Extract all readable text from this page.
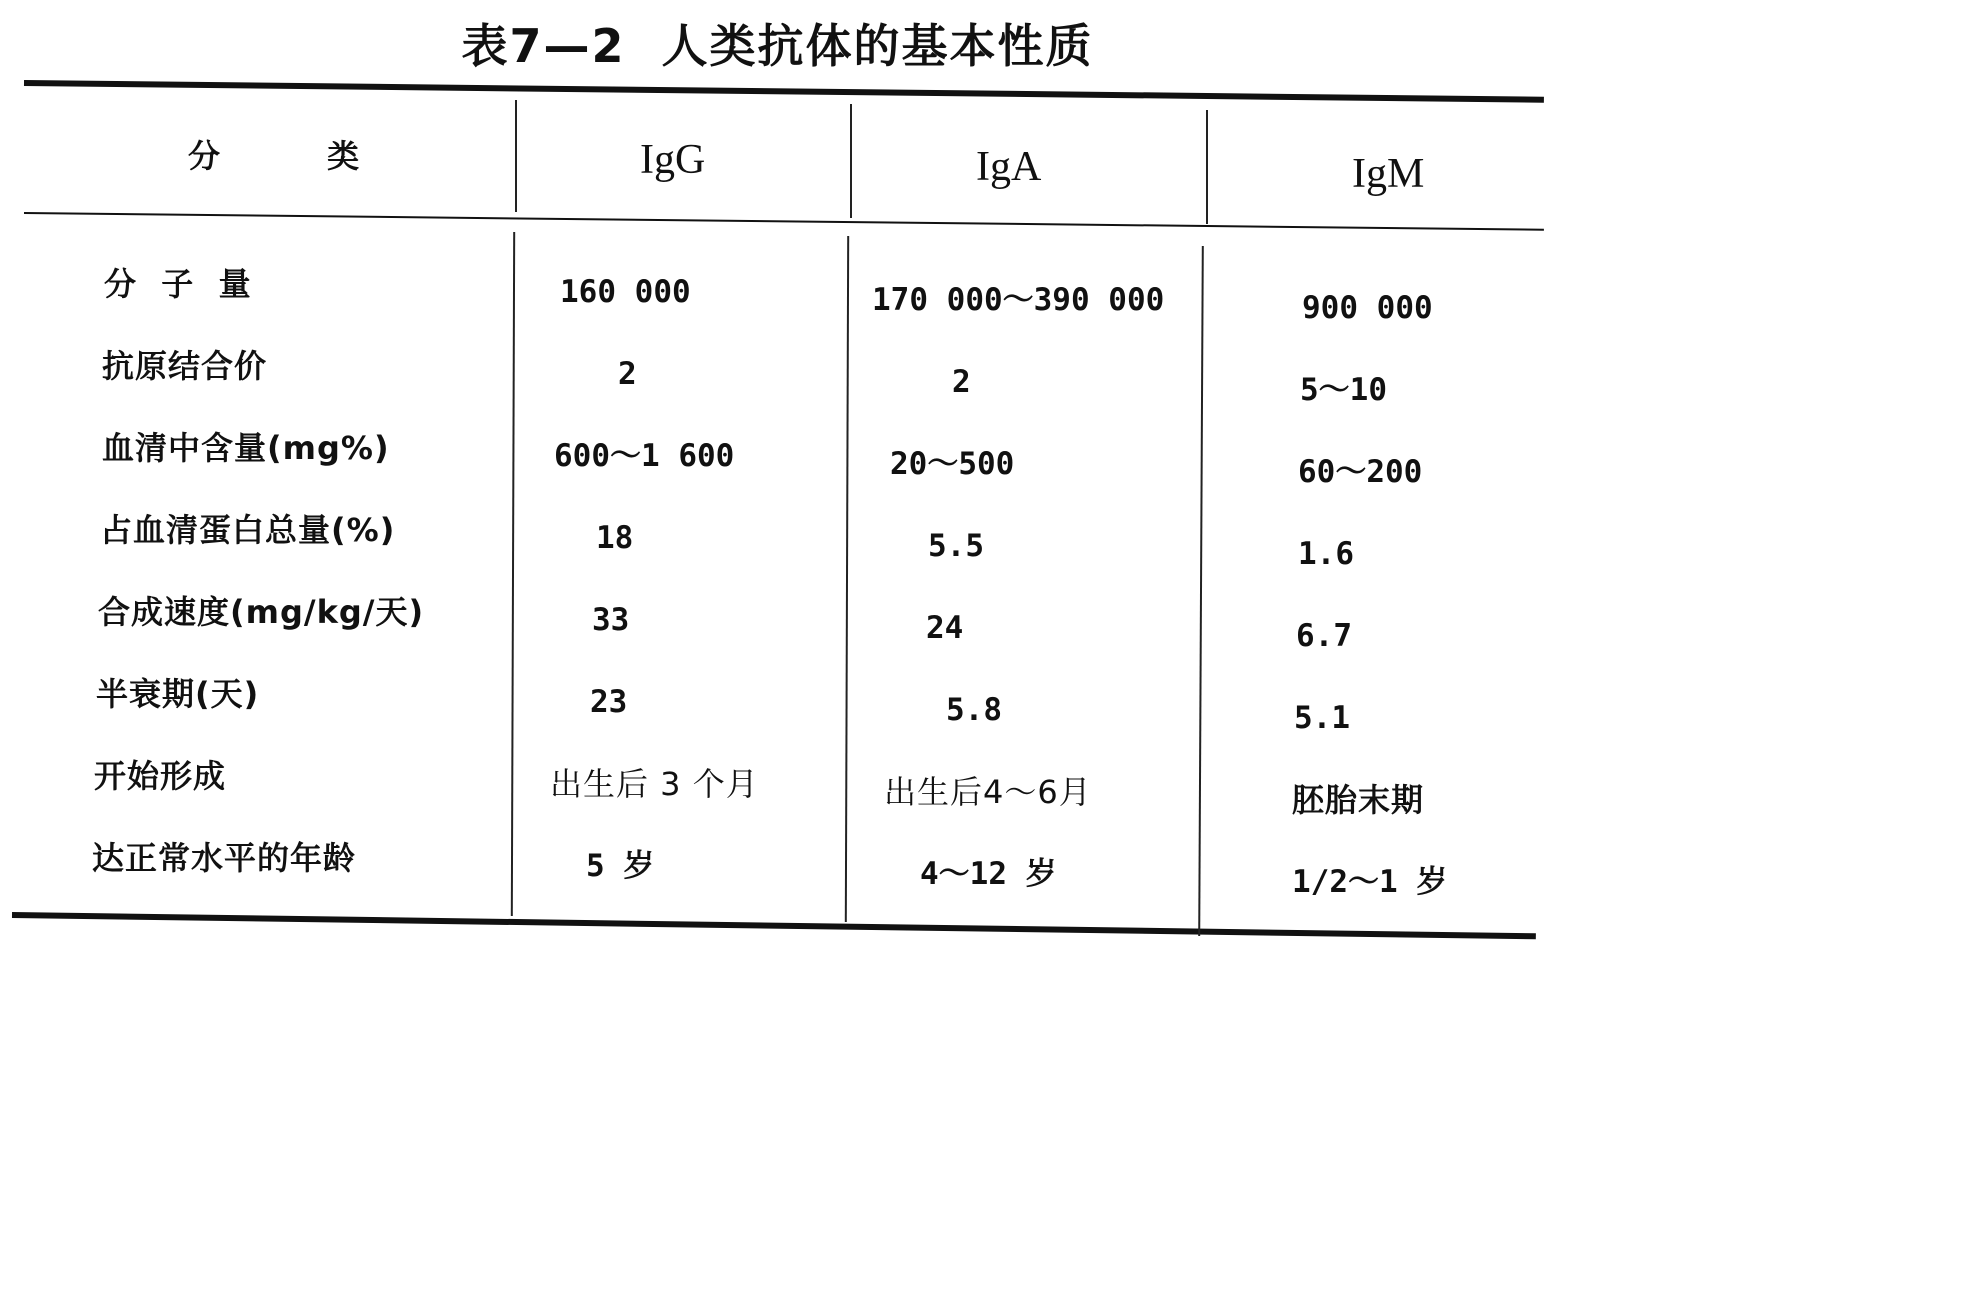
表7—2  人类抗体的基本性质
分        类	IgG	IgA	IgM
分  子  量	160 000	170 000～390 000	900 000
抗原结合价	2	2	5～10
血清中含量(mg%)	600～1 600	20～500	60～200
占血清蛋白总量(%)	18	5.5	1.6
合成速度(mg/kg/天)	33	24	6.7
半衰期(天)	23	5.8	5.1
开始形成	出生后 3 个月	出生后4～6月	胚胎末期
达正常水平的年龄	5 岁	4～12 岁	1/2～1 岁
